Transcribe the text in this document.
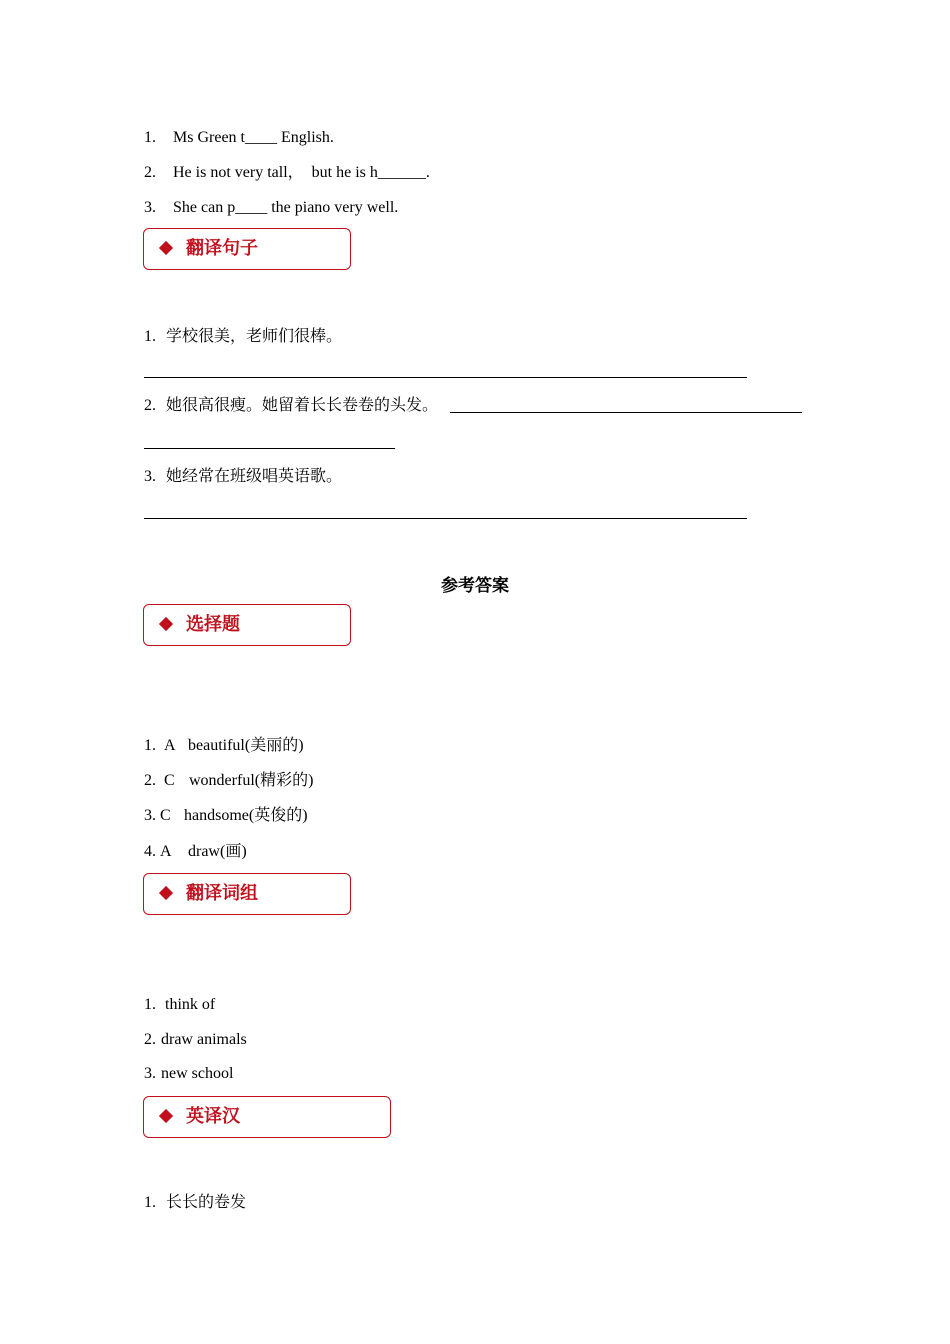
1. Ms Green t____ English.
2. He is not very tall，  but he is h______.
3. She can p____ the piano very well.
翻译句子
1. 学校很美，老师们很棒。
2. 她很高很瘦。她留着长长卷卷的头发。
3. 她经常在班级唱英语歌。
参考答案
选择题
1. A beautiful(美丽的)
2. C wonderful(精彩的)
3. C handsome(英俊的)
4. A draw(画)
翻译词组
1. think of
2. draw animals
3. new school
英译汉
1. 长长的卷发
